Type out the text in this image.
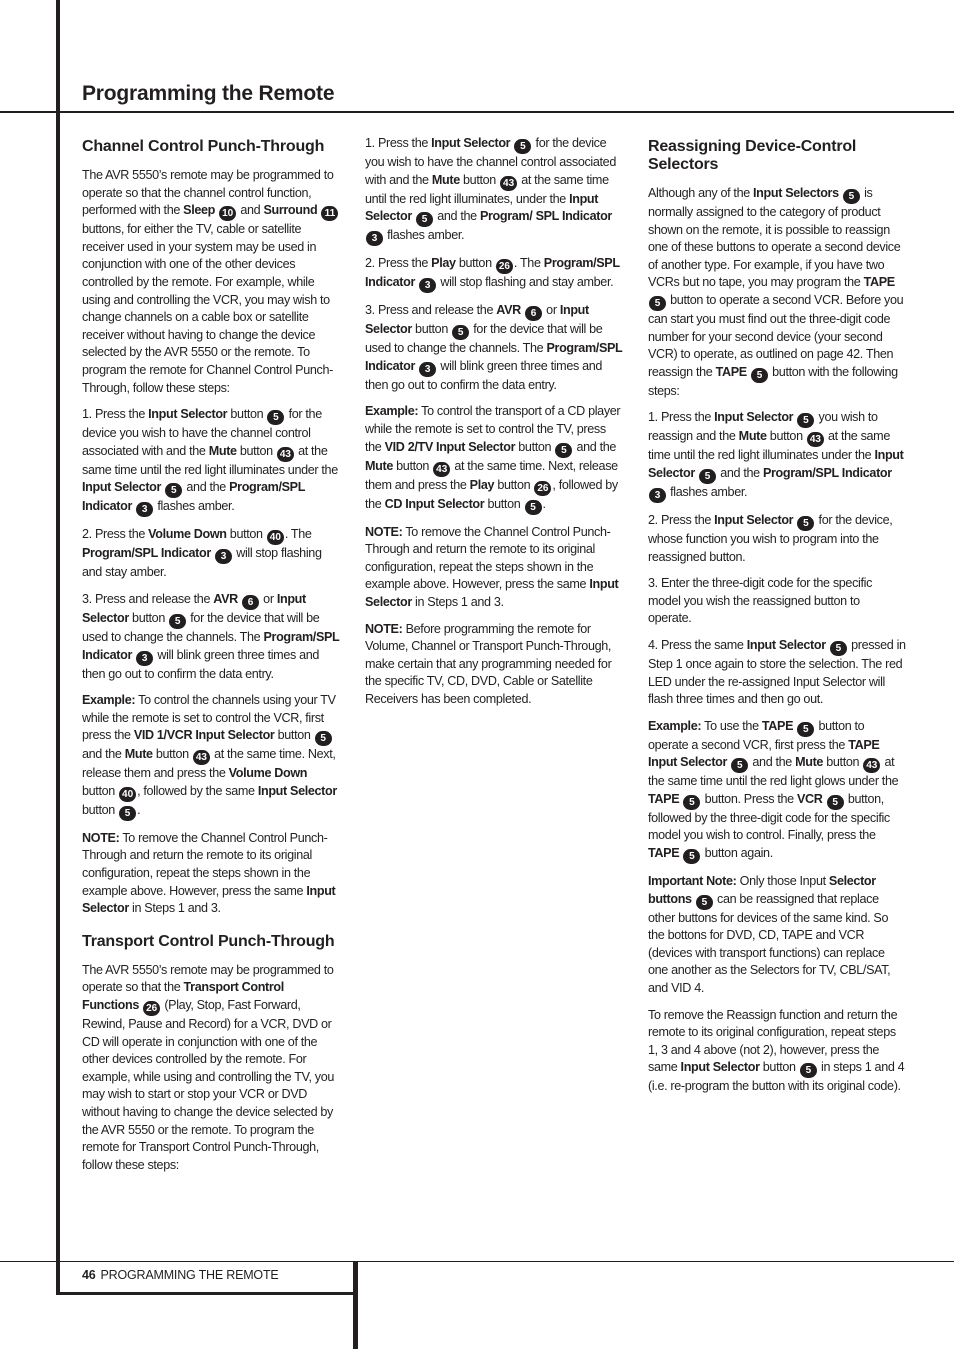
Programming the Remote
Channel Control Punch-Through

The AVR 5550’s remote may be programmed to operate so that the channel control function, performed with the Sleep 10 and Surround 11 buttons, for either the TV, cable or satellite receiver used in your system may be used in conjunction with one of the other devices controlled by the remote. For example, while using and controlling the VCR, you may wish to change channels on a cable box or satellite receiver without having to change the device selected by the AVR 5550 or the remote. To program the remote for Channel Control Punch-Through, follow these steps:

1. Press the Input Selector button 5 for the device you wish to have the channel control associated with and the Mute button 43 at the same time until the red light illuminates under the Input Selector 5 and the Program/SPL Indicator 3 flashes amber.

2. Press the Volume Down button 40 . The Program/SPL Indicator 3 will stop flashing and stay amber.

3. Press and release the AVR 6 or Input Selector button 5 for the device that will be used to change the channels. The Program/SPL Indicator 3 will blink green three times and then go out to confirm the data entry.

Example: To control the channels using your TV while the remote is set to control the VCR, first press the VID 1/VCR Input Selector button 5 and the Mute button 43 at the same time. Next, release them and press the Volume Down button 40 , followed by the same Input Selector button 5 .

NOTE: To remove the Channel Control Punch-Through and return the remote to its original configuration, repeat the steps shown in the example above. However, press the same Input Selector in Steps 1 and 3.

Transport Control Punch-Through

The AVR 5550’s remote may be programmed to operate so that the Transport Control Functions 26 (Play, Stop, Fast Forward, Rewind, Pause and Record) for a VCR, DVD or CD will operate in conjunction with one of the other devices controlled by the remote. For example, while using and controlling the TV, you may wish to start or stop your VCR or DVD without having to change the device selected by the AVR 5550 or the remote. To program the remote for Transport Control Punch-Through, follow these steps:

1. Press the Input Selector 5 for the device you wish to have the channel control associated with and the Mute button 43 at the same time until the red light illuminates, under the Input Selector 5 and the Program/ SPL Indicator 3 flashes amber.

2. Press the Play button 26 . The Program/SPL Indicator 3 will stop flashing and stay amber.

3. Press and release the AVR 6 or Input Selector button 5 for the device that will be used to change the channels. The Program/SPL Indicator 3 will blink green three times and then go out to confirm the data entry.

Example: To control the transport of a CD player while the remote is set to control the TV, press the VID 2/TV Input Selector button 5 and the Mute button 43 at the same time. Next, release them and press the Play button 26 , followed by the CD Input Selector button 5 .

NOTE: To remove the Channel Control Punch-Through and return the remote to its original configuration, repeat the steps shown in the example above. However, press the same Input Selector in Steps 1 and 3.

NOTE: Before programming the remote for Volume, Channel or Transport Punch-Through, make certain that any programming needed for the specific TV, CD, DVD, Cable or Satellite Receivers has been completed.

Reassigning Device-Control Selectors

Although any of the Input Selectors 5 is normally assigned to the category of product shown on the remote, it is possible to reassign one of these buttons to operate a second device of another type. For example, if you have two VCRs but no tape, you may program the TAPE 5 button to operate a second VCR. Before you can start you must find out the three-digit code number for your second device (your second VCR) to operate, as outlined on page 42. Then reassign the TAPE 5 button with the following steps:

1. Press the Input Selector 5 you wish to reassign and the Mute button 43 at the same time until the red light illuminates under the Input Selector 5 and the Program/SPL Indicator 3 flashes amber.

2. Press the Input Selector 5 for the device, whose function you wish to program into the reassigned button.

3. Enter the three-digit code for the specific model you wish the reassigned button to operate.

4. Press the same Input Selector 5 pressed in Step 1 once again to store the selection. The red LED under the re-assigned Input Selector will flash three times and then go out.

Example: To use the TAPE 5 button to operate a second VCR, first press the TAPE Input Selector 5 and the Mute button 43 at the same time until the red light glows under the TAPE 5 button. Press the VCR 5 button, followed by the three-digit code for the specific model you wish to control. Finally, press the TAPE 5 button again.

Important Note: Only those Input Selector buttons 5 can be reassigned that replace other buttons for devices of the same kind. So the bottons for DVD, CD, TAPE and VCR (devices with transport functions) can replace one another as the Selectors for TV, CBL/SAT, and VID 4.

To remove the Reassign function and return the remote to its original configuration, repeat steps 1, 3 and 4 above (not 2), however, press the same Input Selector button 5 in steps 1 and 4 (i.e. re-program the button with its original code).

46 PROGRAMMING THE REMOTE
